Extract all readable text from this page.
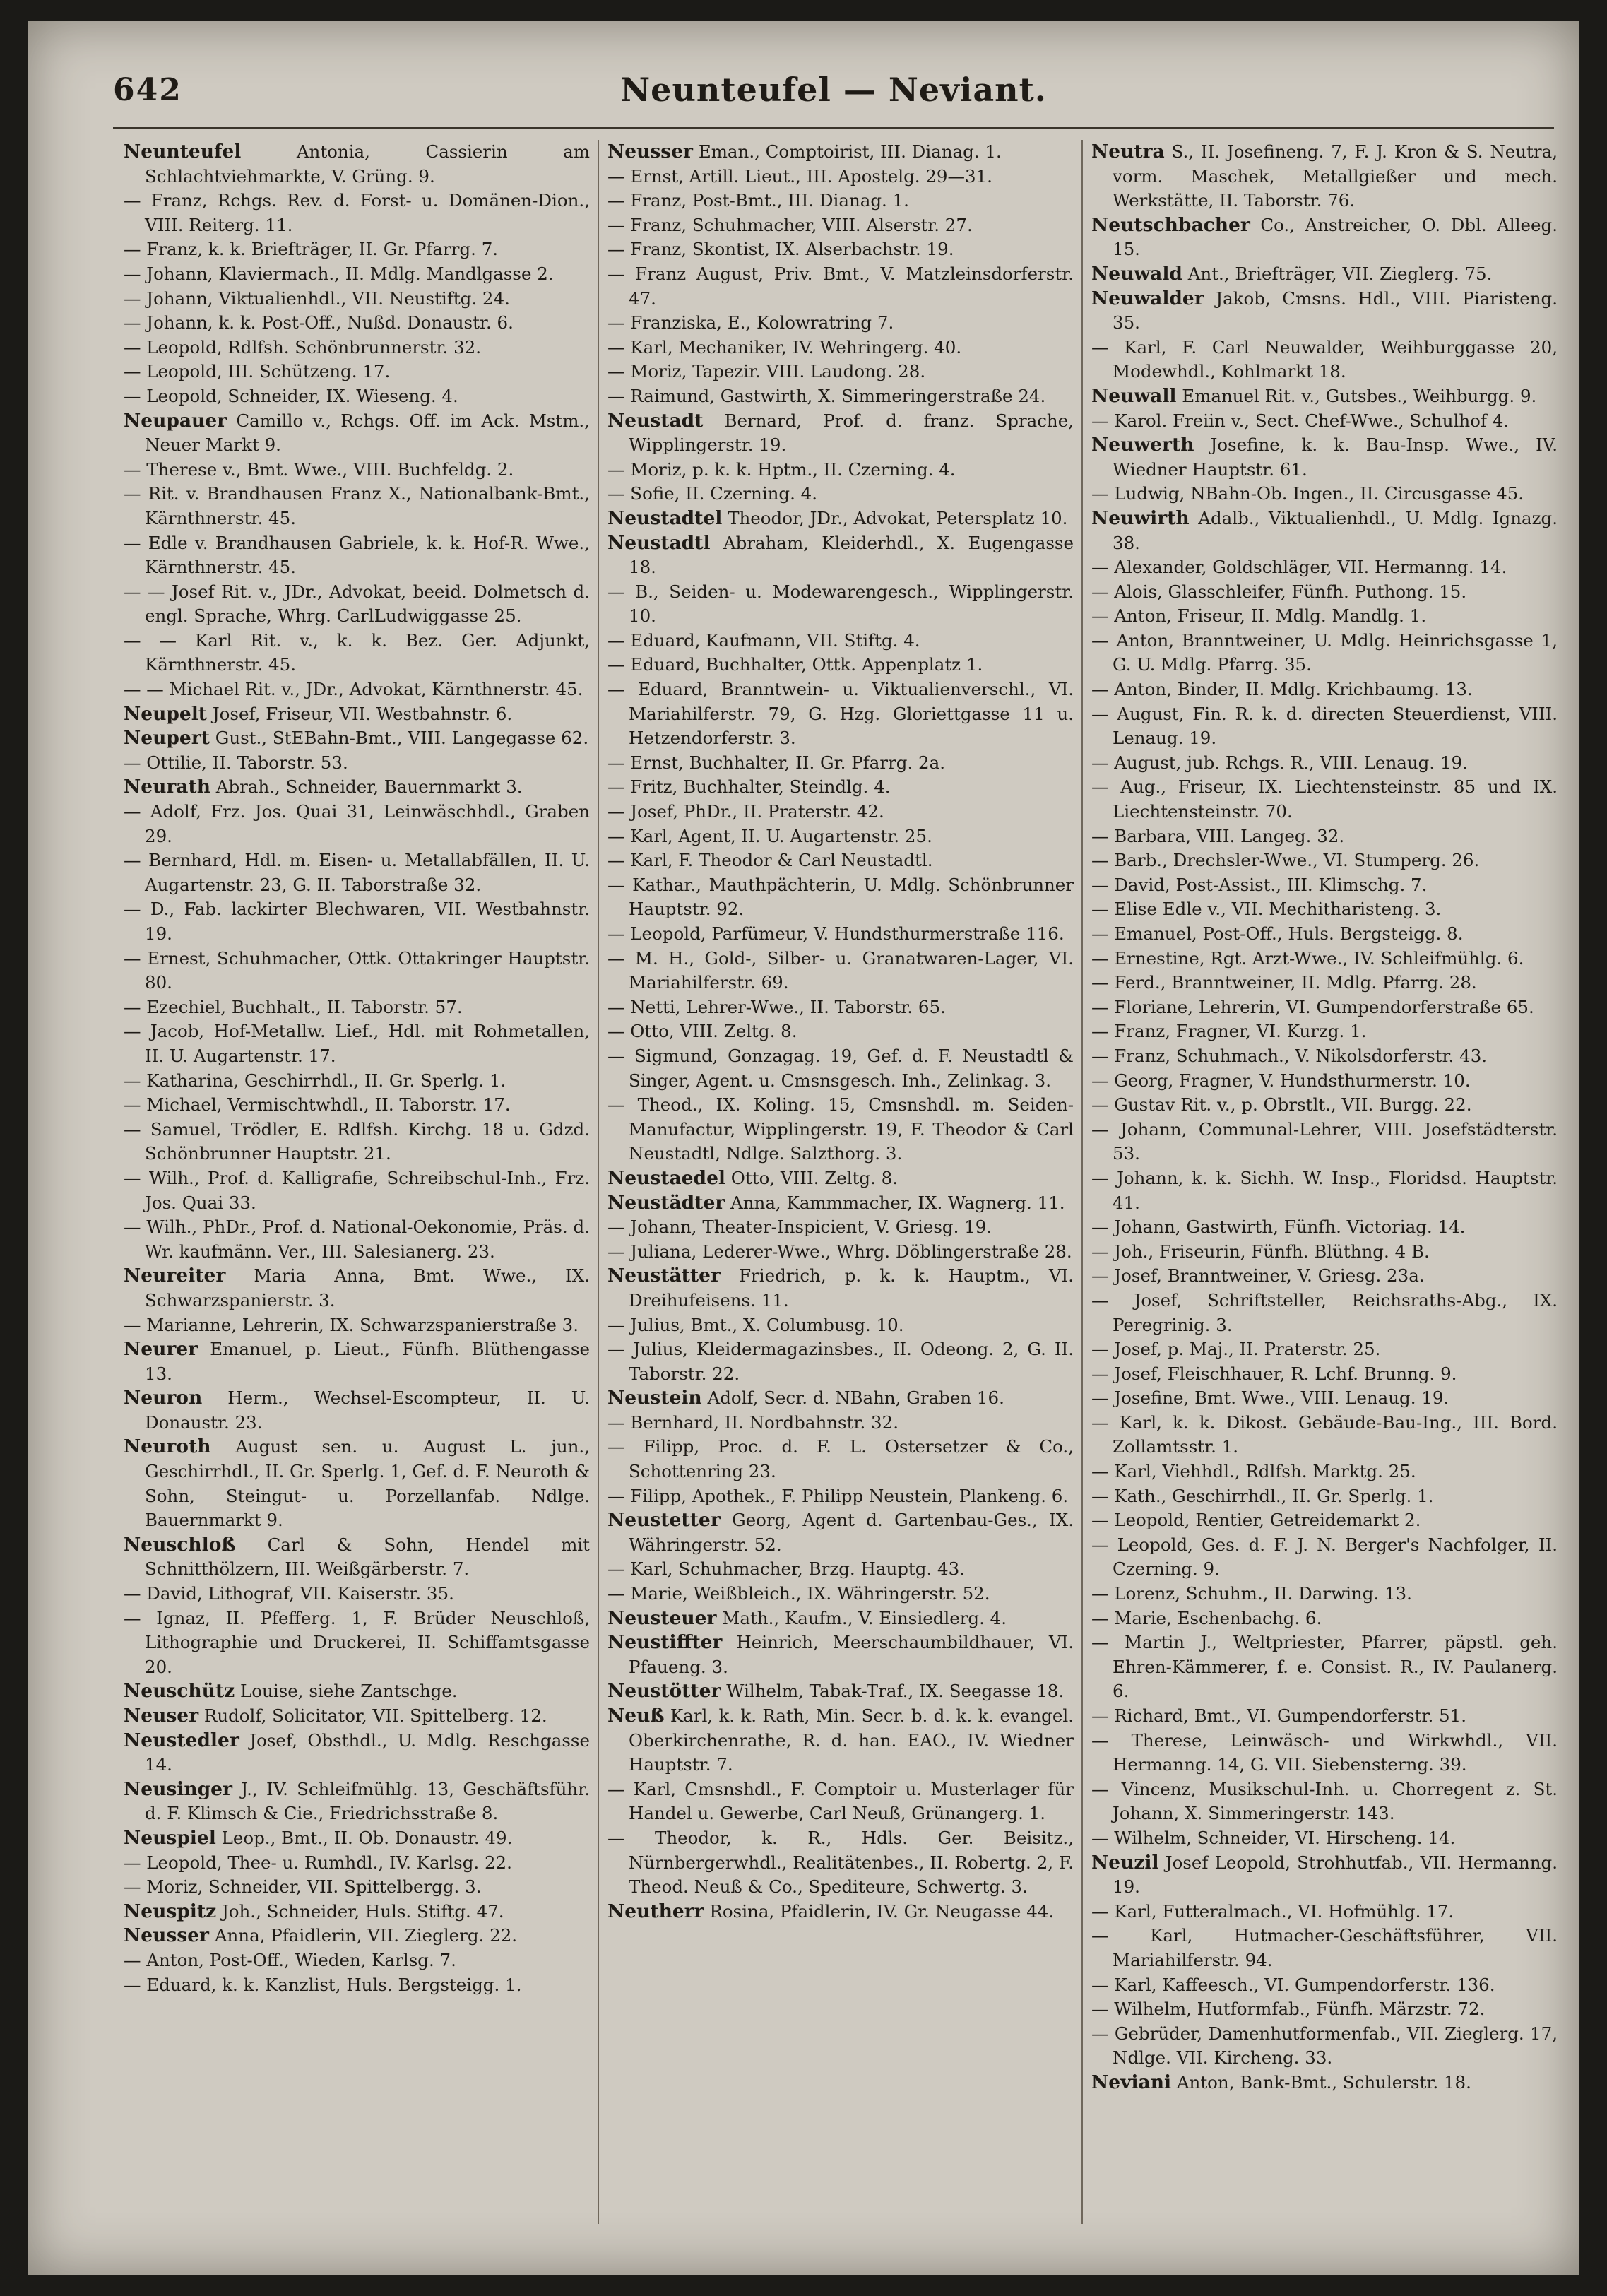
642	Neunteufel — Neviant.

Neunteufel	Antonia, Cassierin am Schlachtviehmarkte, V. Grüng. 9.

— Franz, Rchgs. Rev. d. Forst- u. Domänen-Dion., VIII. Reiterg. 11.

— Franz, k. k. Briefträger, II. Gr. Pfarrg. 7.

— Johann, Klaviermach., II. Mdlg. Mandlgasse 2.

— Johann, Viktualienhdl., VII. Neustiftg. 24.

— Johann, k. k. Post-Off., Nußd. Donaustr. 6.

— Leopold, Rdlfsh. Schönbrunnerstr. 32.

— Leopold, III. Schützeng. 17.

— Leopold, Schneider, IX. Wieseng. 4.

Neupauer Camillo v., Rchgs. Off. im Ack. Mstm., Neuer Markt 9.

— Therese v., Bmt. Wwe., VIII. Buchfeldg. 2.

— Rit. v. Brandhausen Franz X., Nationalbank-Bmt., Kärnthnerstr. 45.

— Edle v. Brandhausen Gabriele, k. k. Hof-R. Wwe., Kärnthnerstr. 45.

— — Josef Rit. v., JDr., Advokat, beeid. Dolmetsch d. engl. Sprache, Whrg. CarlLudwiggasse 25.

— — Karl Rit. v., k. k. Bez. Ger. Adjunkt, Kärnthnerstr. 45.

— — Michael Rit. v., JDr., Advokat, Kärnthnerstr. 45.

Neupelt Josef, Friseur, VII. Westbahnstr. 6.

Neupert Gust., StEBahn-Bmt., VIII. Langegasse 62.

— Ottilie, II. Taborstr. 53.

Neurath Abrah., Schneider, Bauernmarkt 3.

— Adolf, Frz. Jos. Quai 31, Leinwäschhdl., Graben 29.

— Bernhard, Hdl. m. Eisen- u. Metallabfällen, II. U. Augartenstr. 23, G. II. Taborstraße 32.

— D., Fab. lackirter Blechwaren, VII. Westbahnstr. 19.

— Ernest, Schuhmacher, Ottk. Ottakringer Hauptstr. 80.

— Ezechiel, Buchhalt., II. Taborstr. 57.

— Jacob, Hof-Metallw. Lief., Hdl. mit Rohmetallen, II. U. Augartenstr. 17.

— Katharina, Geschirrhdl., II. Gr. Sperlg. 1.

— Michael, Vermischtwhdl., II. Taborstr. 17.

— Samuel, Trödler, E. Rdlfsh. Kirchg. 18 u. Gdzd. Schönbrunner Hauptstr. 21.

— Wilh., Prof. d. Kalligrafie, Schreibschul-Inh., Frz. Jos. Quai 33.

— Wilh., PhDr., Prof. d. National-Oekonomie, Präs. d. Wr. kaufmänn. Ver., III. Salesianerg. 23.

Neureiter Maria Anna, Bmt. Wwe., IX. Schwarzspanierstr. 3.

— Marianne, Lehrerin, IX. Schwarzspanierstraße 3.

Neurer Emanuel, p. Lieut., Fünfh. Blüthengasse 13.

Neuron Herm., Wechsel-Escompteur, II. U. Donaustr. 23.

Neuroth August sen. u. August L. jun., Geschirrhdl., II. Gr. Sperlg. 1, Gef. d. F. Neuroth & Sohn, Steingut- u. Porzellanfab. Ndlge. Bauernmarkt 9.

Neuschloß Carl & Sohn, Hendel mit Schnitthölzern, III. Weißgärberstr. 7.

— David, Lithograf, VII. Kaiserstr. 35.

— Ignaz, II. Pfefferg. 1, F. Brüder Neuschloß, Lithographie und Druckerei, II. Schiffamtsgasse 20.

Neuschütz Louise, siehe Zantschge.

Neuser Rudolf, Solicitator, VII. Spittelberg. 12.

Neustedler Josef, Obsthdl., U. Mdlg. Reschgasse 14.

Neusinger J., IV. Schleifmühlg. 13, Geschäftsführ. d. F. Klimsch & Cie., Friedrichsstraße 8.

Neuspiel Leop., Bmt., II. Ob. Donaustr. 49.

— Leopold, Thee- u. Rumhdl., IV. Karlsg. 22.

— Moriz, Schneider, VII. Spittelbergg. 3.

Neuspitz Joh., Schneider, Huls. Stiftg. 47.

Neusser Anna, Pfaidlerin, VII. Zieglerg. 22.

— Anton, Post-Off., Wieden, Karlsg. 7.

— Eduard, k. k. Kanzlist, Huls. Bergsteigg. 1.

Neusser Eman., Comptoirist, III. Dianag. 1.

— Ernst, Artill. Lieut., III. Apostelg. 29—31.

— Franz, Post-Bmt., III. Dianag. 1.

— Franz, Schuhmacher, VIII. Alserstr. 27.

— Franz, Skontist, IX. Alserbachstr. 19.

— Franz August, Priv. Bmt., V. Matzleinsdorferstr. 47.

— Franziska, E., Kolowratring 7.

— Karl, Mechaniker, IV. Wehringerg. 40.

— Moriz, Tapezir. VIII. Laudong. 28.

— Raimund, Gastwirth, X. Simmeringerstraße 24.

Neustadt Bernard, Prof. d. franz. Sprache, Wipplingerstr. 19.

— Moriz, p. k. k. Hptm., II. Czerning. 4.

— Sofie, II. Czerning. 4.

Neustadtel Theodor, JDr., Advokat, Petersplatz 10.

Neustadtl Abraham, Kleiderhdl., X. Eugengasse 18.

— B., Seiden- u. Modewarengesch., Wipplingerstr. 10.

— Eduard, Kaufmann, VII. Stiftg. 4.

— Eduard, Buchhalter, Ottk. Appenplatz 1.

— Eduard, Branntwein- u. Viktualienverschl., VI. Mariahilferstr. 79, G. Hzg. Gloriettgasse 11 u. Hetzendorferstr. 3.

— Ernst, Buchhalter, II. Gr. Pfarrg. 2a.

— Fritz, Buchhalter, Steindlg. 4.

— Josef, PhDr., II. Praterstr. 42.

— Karl, Agent, II. U. Augartenstr. 25.

— Karl, F. Theodor & Carl Neustadtl.

— Kathar., Mauthpächterin, U. Mdlg. Schönbrunner Hauptstr. 92.

— Leopold, Parfümeur, V. Hundsthurmerstraße 116.

— M. H., Gold-, Silber- u. Granatwaren-Lager, VI. Mariahilferstr. 69.

— Netti, Lehrer-Wwe., II. Taborstr. 65.

— Otto, VIII. Zeltg. 8.

— Sigmund, Gonzagag. 19, Gef. d. F. Neustadtl & Singer, Agent. u. Cmsnsgesch. Inh., Zelinkag. 3.

— Theod., IX. Koling. 15, Cmsnshdl. m. Seiden-Manufactur, Wipplingerstr. 19, F. Theodor & Carl Neustadtl, Ndlge. Salzthorg. 3.

Neustaedel Otto, VIII. Zeltg. 8.

Neustädter Anna, Kammmacher, IX. Wagnerg. 11.

— Johann, Theater-Inspicient, V. Griesg. 19.

— Juliana, Lederer-Wwe., Whrg. Döblingerstraße 28.

Neustätter Friedrich, p. k. k. Hauptm., VI. Dreihufeisens. 11.

— Julius, Bmt., X. Columbusg. 10.

— Julius, Kleidermagazinsbes., II. Odeong. 2, G. II. Taborstr. 22.

Neustein Adolf, Secr. d. NBahn, Graben 16.

— Bernhard, II. Nordbahnstr. 32.

— Filipp, Proc. d. F. L. Ostersetzer & Co., Schottenring 23.

— Filipp, Apothek., F. Philipp Neustein, Plankeng. 6.

Neustetter Georg, Agent d. Gartenbau-Ges., IX. Währingerstr. 52.

— Karl, Schuhmacher, Brzg. Hauptg. 43.

— Marie, Weißbleich., IX. Währingerstr. 52.

Neusteuer Math., Kaufm., V. Einsiedlerg. 4.

Neustiffter Heinrich, Meerschaumbildhauer, VI. Pfaueng. 3.

Neustötter Wilhelm, Tabak-Traf., IX. Seegasse 18.

Neuß Karl, k. k. Rath, Min. Secr. b. d. k. k. evangel. Oberkirchenrathe, R. d. han. EAO., IV. Wiedner Hauptstr. 7.

— Karl, Cmsnshdl., F. Comptoir u. Musterlager für Handel u. Gewerbe, Carl Neuß, Grünangerg. 1.

— Theodor, k. R., Hdls. Ger. Beisitz., Nürnbergerwhdl., Realitätenbes., II. Robertg. 2, F. Theod. Neuß & Co., Spediteure, Schwertg. 3.

Neutherr Rosina, Pfaidlerin, IV. Gr. Neugasse 44.

Neutra S., II. Josefineng. 7, F. J. Kron & S. Neutra, vorm. Maschek, Metallgießer und mech. Werkstätte, II. Taborstr. 76.

Neutschbacher Co., Anstreicher, O. Dbl. Alleeg. 15.

Neuwald Ant., Briefträger, VII. Zieglerg. 75.

Neuwalder Jakob, Cmsns. Hdl., VIII. Piaristeng. 35.

— Karl, F. Carl Neuwalder, Weihburggasse 20, Modewhdl., Kohlmarkt 18.

Neuwall Emanuel Rit. v., Gutsbes., Weihburgg. 9.

— Karol. Freiin v., Sect. Chef-Wwe., Schulhof 4.

Neuwerth Josefine, k. k. Bau-Insp. Wwe., IV. Wiedner Hauptstr. 61.

— Ludwig, NBahn-Ob. Ingen., II. Circusgasse 45.

Neuwirth Adalb., Viktualienhdl., U. Mdlg. Ignazg. 38.

— Alexander, Goldschläger, VII. Hermanng. 14.

— Alois, Glasschleifer, Fünfh. Puthong. 15.

— Anton, Friseur, II. Mdlg. Mandlg. 1.

— Anton, Branntweiner, U. Mdlg. Heinrichsgasse 1, G. U. Mdlg. Pfarrg. 35.

— Anton, Binder, II. Mdlg. Krichbaumg. 13.

— August, Fin. R. k. d. directen Steuerdienst, VIII. Lenaug. 19.

— August, jub. Rchgs. R., VIII. Lenaug. 19.

— Aug., Friseur, IX. Liechtensteinstr. 85 und IX. Liechtensteinstr. 70.

— Barbara, VIII. Langeg. 32.

— Barb., Drechsler-Wwe., VI. Stumperg. 26.

— David, Post-Assist., III. Klimschg. 7.

— Elise Edle v., VII. Mechitharisteng. 3.

— Emanuel, Post-Off., Huls. Bergsteigg. 8.

— Ernestine, Rgt. Arzt-Wwe., IV. Schleifmühlg. 6.

— Ferd., Branntweiner, II. Mdlg. Pfarrg. 28.

— Floriane, Lehrerin, VI. Gumpendorferstraße 65.

— Franz, Fragner, VI. Kurzg. 1.

— Franz, Schuhmach., V. Nikolsdorferstr. 43.

— Georg, Fragner, V. Hundsthurmerstr. 10.

— Gustav Rit. v., p. Obrstlt., VII. Burgg. 22.

— Johann, Communal-Lehrer, VIII. Josefstädterstr. 53.

— Johann, k. k. Sichh. W. Insp., Floridsd. Hauptstr. 41.

— Johann, Gastwirth, Fünfh. Victoriag. 14.

— Joh., Friseurin, Fünfh. Blüthng. 4 B.

— Josef, Branntweiner, V. Griesg. 23a.

— Josef, Schriftsteller, Reichsraths-Abg., IX. Peregrinig. 3.

— Josef, p. Maj., II. Praterstr. 25.

— Josef, Fleischhauer, R. Lchf. Brunng. 9.

— Josefine, Bmt. Wwe., VIII. Lenaug. 19.

— Karl, k. k. Dikost. Gebäude-Bau-Ing., III. Bord. Zollamtsstr. 1.

— Karl, Viehhdl., Rdlfsh. Marktg. 25.

— Kath., Geschirrhdl., II. Gr. Sperlg. 1.

— Leopold, Rentier, Getreidemarkt 2.

— Leopold, Ges. d. F. J. N. Berger's Nachfolger, II. Czerning. 9.

— Lorenz, Schuhm., II. Darwing. 13.

— Marie, Eschenbachg. 6.

— Martin J., Weltpriester, Pfarrer, päpstl. geh. Ehren-Kämmerer, f. e. Consist. R., IV. Paulanerg. 6.

— Richard, Bmt., VI. Gumpendorferstr. 51.

— Therese, Leinwäsch- und Wirkwhdl., VII. Hermanng. 14, G. VII. Siebensterng. 39.

— Vincenz, Musikschul-Inh. u. Chorregent z. St. Johann, X. Simmeringerstr. 143.

— Wilhelm, Schneider, VI. Hirscheng. 14.

Neuzil Josef Leopold, Strohhutfab., VII. Hermanng. 19.

— Karl, Futteralmach., VI. Hofmühlg. 17.

— Karl, Hutmacher-Geschäftsführer, VII. Mariahilferstr. 94.

— Karl, Kaffeesch., VI. Gumpendorferstr. 136.

— Wilhelm, Hutformfab., Fünfh. Märzstr. 72.

— Gebrüder, Damenhutformenfab., VII. Zieglerg. 17, Ndlge. VII. Kircheng. 33.

Neviani Anton, Bank-Bmt., Schulerstr. 18.
